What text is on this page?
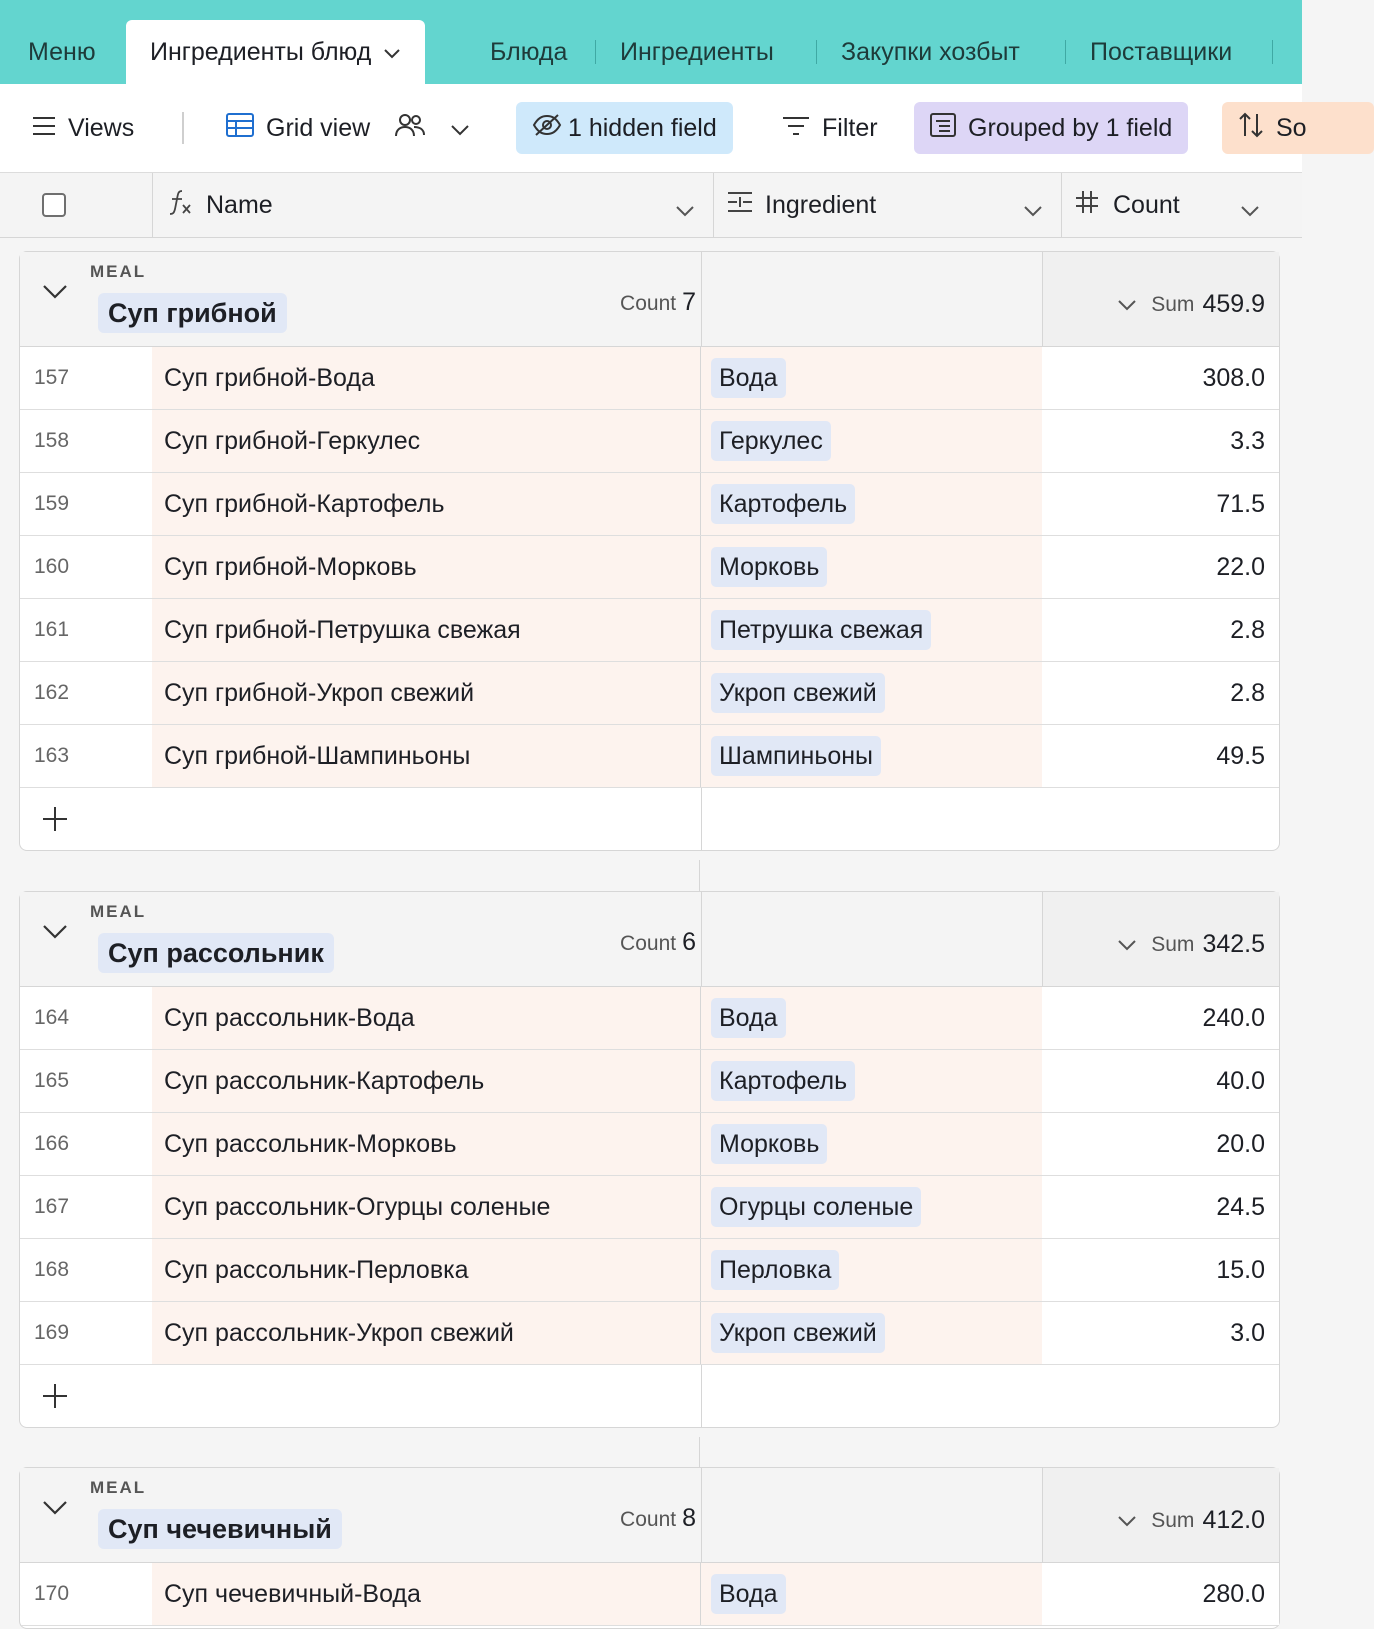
Меню Ингредиенты блюд	Блюда Ингредиенты	Закупки хозбыт	Поставщики
Views	Grid view	1 hidden field	Filter	Grouped by 1 field	So
Name	Ingredient	Count
MEAL
Суп грибной	Count 7	Sum 459.9
157	Суп грибной-Вода	Вода	308.0
158	Суп грибной-Геркулес	Геркулес	3.3
159	Суп грибной-Картофель	Картофель	71.5
160	Суп грибной-Морковь	Морковь	22.0
161	Суп грибной-Петрушка свежая	Петрушка свежая	2.8
162	Суп грибной-Укроп свежий	Укроп свежий	2.8
163	Суп грибной-Шампиньоны	Шампиньоны	49.5
MEAL
Суп рассольник	Count 6	Sum 342.5
164	Суп рассольник-Вода	Вода	240.0
165	Суп рассольник-Картофель	Картофель	40.0
166	Суп рассольник-Морковь	Морковь	20.0
167	Суп рассольник-Огурцы соленые	Огурцы соленые	24.5
168	Суп рассольник-Перловка	Перловка	15.0
169	Суп рассольник-Укроп свежий	Укроп свежий	3.0
MEAL
Суп чечевичный	Count 8	Sum 412.0
170	Суп чечевичный-Вода	Вода	280.0
